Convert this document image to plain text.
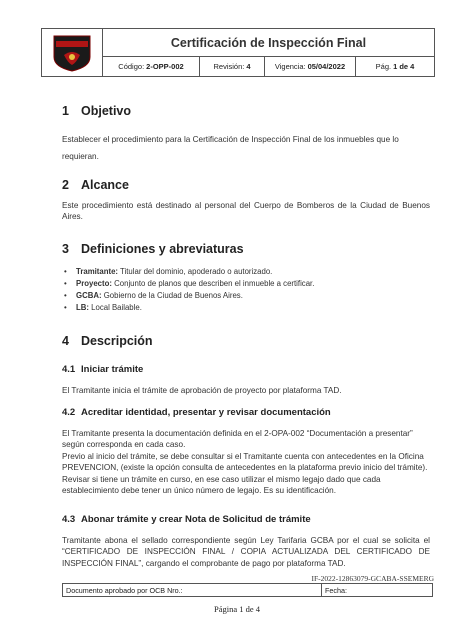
Certificación de Inspección Final
Código: 2-OPP-002	Revisión: 4	Vigencia: 05/04/2022	Pág. 1 de 4
1 Objetivo
Establecer el procedimiento para la Certificación de Inspección Final de los inmuebles que lo
requieran.
2 Alcance
Este procedimiento está destinado al personal del Cuerpo de Bomberos de la Ciudad de Buenos Aires.
3 Definiciones y abreviaturas
• Tramitante: Titular del dominio, apoderado o autorizado.
• Proyecto: Conjunto de planos que describen el inmueble a certificar.
• GCBA: Gobierno de la Ciudad de Buenos Aires.
• LB: Local Bailable.
4 Descripción
4.1 Iniciar trámite
El Tramitante inicia el trámite de aprobación de proyecto por plataforma TAD.
4.2 Acreditar identidad, presentar y revisar documentación
El Tramitante presenta la documentación definida en el 2-OPA-002 “Documentación a presentar” según corresponda en cada caso.
Previo al inicio del trámite, se debe consultar si el Tramitante cuenta con antecedentes en la Oficina PREVENCION, (existe la opción consulta de antecedentes en la plataforma previo inicio del trámite).
Revisar si tiene un trámite en curso, en ese caso utilizar el mismo legajo dado que cada establecimiento debe tener un único número de legajo. Es su identificación.
4.3 Abonar trámite y crear Nota de Solicitud de trámite
Tramitante abona el sellado correspondiente según Ley Tarifaria GCBA por el cual se solicita el “CERTIFICADO DE INSPECCIÓN FINAL / COPIA ACTUALIZADA DEL CERTIFICADO DE INSPECCIÓN FINAL”, cargando el comprobante de pago por plataforma TAD.
IF-2022-12863079-GCABA-SSEMERG
Documento aprobado por OCB Nro.:	Fecha:
Página 1 de 4
